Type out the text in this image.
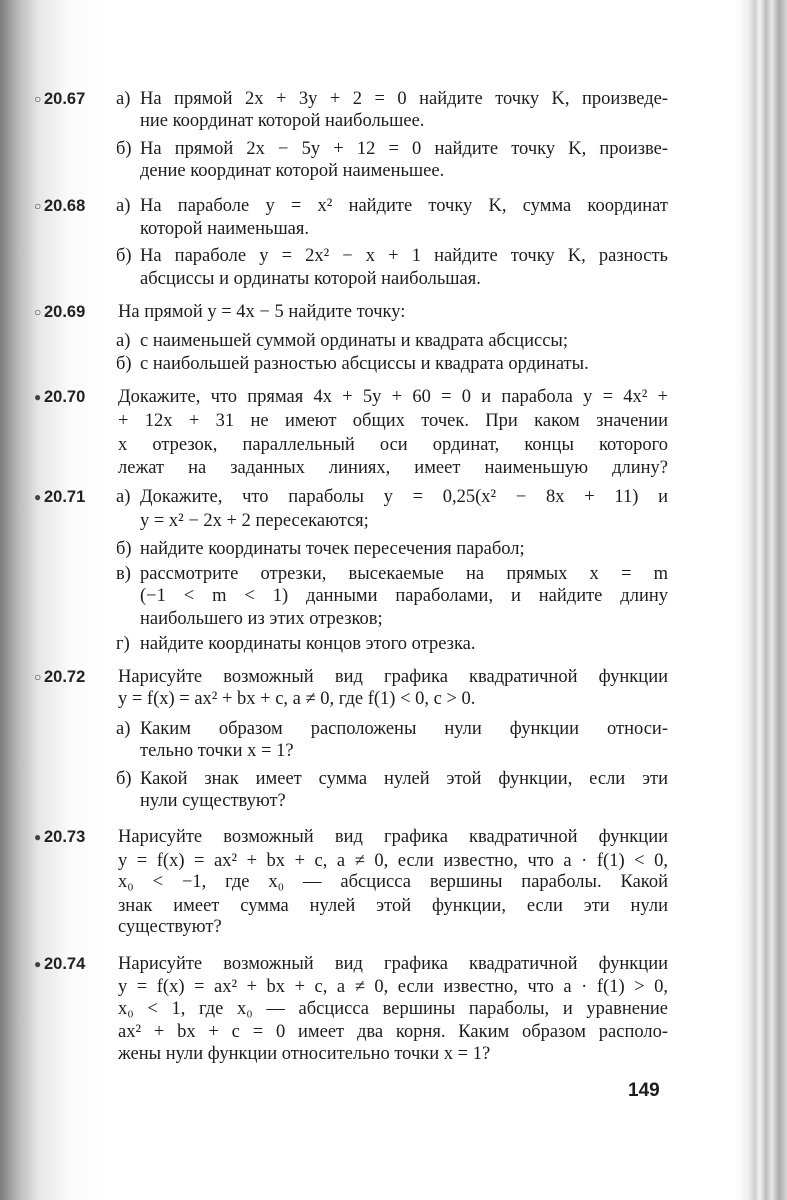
○ 20.67 а) На прямой 2x + 3y + 2 = 0 найдите точку K, произведе-
ние координат которой наибольшее.
б) На прямой 2x − 5y + 12 = 0 найдите точку K, произве-
дение координат которой наименьшее.
○ 20.68 а) На параболе y = x² найдите точку K, сумма координат
которой наименьшая.
б) На параболе y = 2x² − x + 1 найдите точку K, разность
абсциссы и ординаты которой наибольшая.
○ 20.69 На прямой y = 4x − 5 найдите точку:
а) с наименьшей суммой ординаты и квадрата абсциссы;
б) с наибольшей разностью абсциссы и квадрата ординаты.
● 20.70 Докажите, что прямая 4x + 5y + 60 = 0 и парабола y = 4x² +
+ 12x + 31 не имеют общих точек. При каком значении
x отрезок, параллельный оси ординат, концы которого
лежат на заданных линиях, имеет наименьшую длину?
● 20.71 а) Докажите, что параболы y = 0,25(x² − 8x + 11) и
y = x² − 2x + 2 пересекаются;
б) найдите координаты точек пересечения парабол;
в) рассмотрите отрезки, высекаемые на прямых x = m
(−1 < m < 1) данными параболами, и найдите длину
наибольшего из этих отрезков;
г) найдите координаты концов этого отрезка.
○ 20.72 Нарисуйте возможный вид графика квадратичной функции
y = f(x) = ax² + bx + c, a ≠ 0, где f(1) < 0, c > 0.
а) Каким образом расположены нули функции относи-
тельно точки x = 1?
б) Какой знак имеет сумма нулей этой функции, если эти
нули существуют?
● 20.73 Нарисуйте возможный вид графика квадратичной функции
y = f(x) = ax² + bx + c, a ≠ 0, если известно, что a · f(1) < 0,
x₀ < −1, где x₀ — абсцисса вершины параболы. Какой
знак имеет сумма нулей этой функции, если эти нули
существуют?
● 20.74 Нарисуйте возможный вид графика квадратичной функции
y = f(x) = ax² + bx + c, a ≠ 0, если известно, что a · f(1) > 0,
x₀ < 1, где x₀ — абсцисса вершины параболы, и уравнение
ax² + bx + c = 0 имеет два корня. Каким образом располо-
жены нули функции относительно точки x = 1?
149
